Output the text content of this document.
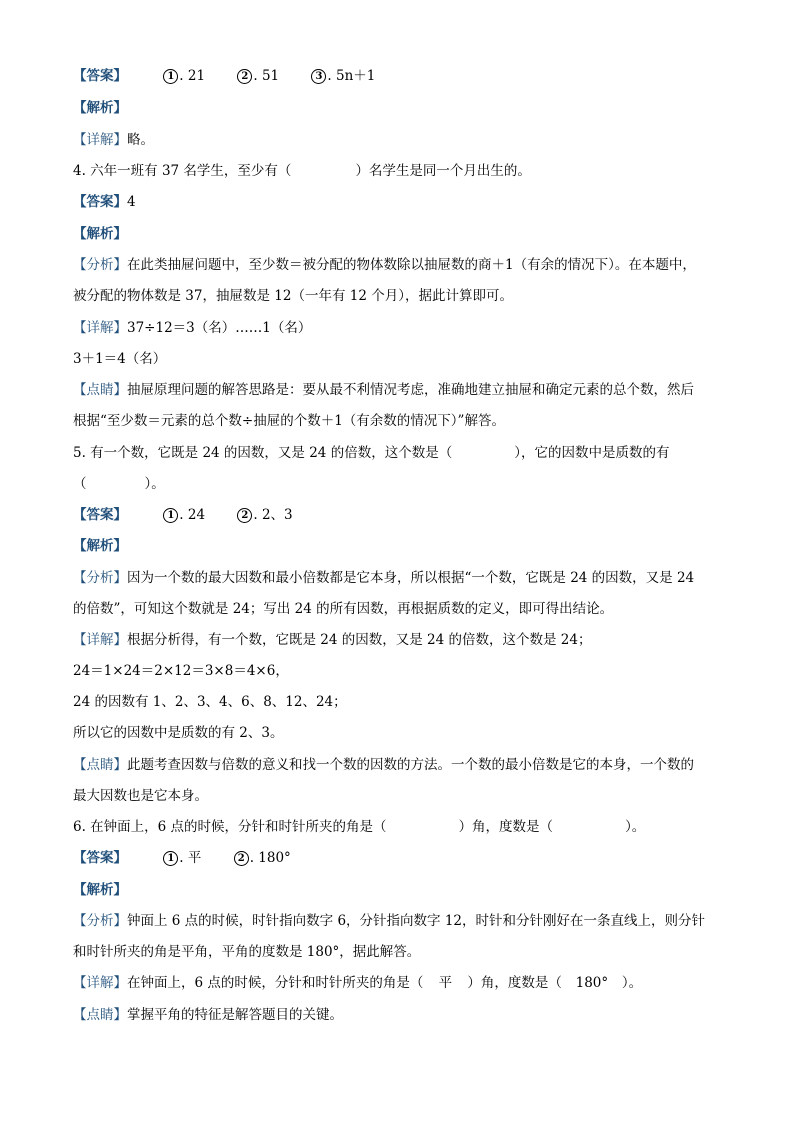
【答案】	1 . 21	2 . 51	3 . 5n＋1
【解析】
【详解】略。
4. 六年一班有 37 名学生，至少有（	）名学生是同一个月出生的。
【答案】4
【解析】
【分析】在此类抽屉问题中，至少数＝被分配的物体数除以抽屉数的商＋1（有余的情况下）。在本题中，
被分配的物体数是 37，抽屉数是 12（一年有 12 个月），据此计算即可。
【详解】37÷12＝3（名）……1（名）
3＋1＝4（名）
【点睛】抽屉原理问题的解答思路是：要从最不利情况考虑，准确地建立抽屉和确定元素的总个数，然后
根据“至少数＝元素的总个数÷抽屉的个数＋1（有余数的情况下）”解答。
5. 有一个数，它既是 24 的因数，又是 24 的倍数，这个数是（	），它的因数中是质数的有
（	）。
【答案】	1 . 24	2 . 2、3
【解析】
【分析】因为一个数的最大因数和最小倍数都是它本身，所以根据“一个数，它既是 24 的因数，又是 24
的倍数”，可知这个数就是 24；写出 24 的所有因数，再根据质数的定义，即可得出结论。
【详解】根据分析得，有一个数，它既是 24 的因数，又是 24 的倍数，这个数是 24；
24＝1×24＝2×12＝3×8＝4×6，
24 的因数有 1、2、3、4、6、8、12、24；
所以它的因数中是质数的有 2、3。
【点睛】此题考查因数与倍数的意义和找一个数的因数的方法。一个数的最小倍数是它的本身，一个数的
最大因数也是它本身。
6. 在钟面上，6 点的时候，分针和时针所夹的角是（	）角，度数是（	）。
【答案】	1 . 平	2 . 180°
【解析】
【分析】钟面上 6 点的时候，时针指向数字 6，分针指向数字 12，时针和分针刚好在一条直线上，则分针
和时针所夹的角是平角，平角的度数是 180°，据此解答。
【详解】在钟面上，6 点的时候，分针和时针所夹的角是（ 平 ）角，度数是（ 180° ）。
【点睛】掌握平角的特征是解答题目的关键。
